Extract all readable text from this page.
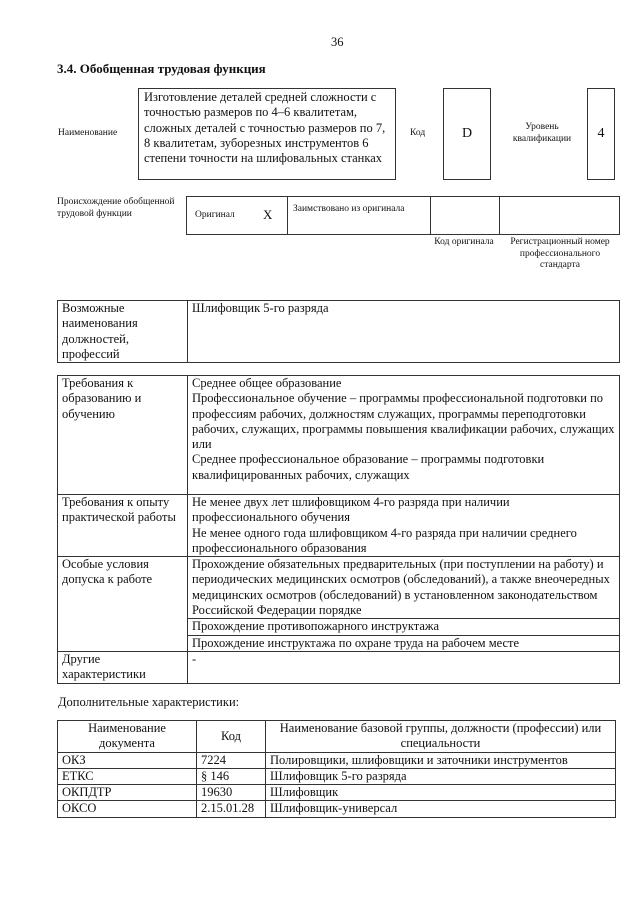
36
3.4. Обобщенная трудовая функция
Наименование
Изготовление деталей средней сложности с точностью размеров по 4–6 квалитетам, сложных деталей с точностью размеров по 7, 8 квалитетам, зуборезных инструментов 6 степени точности на шлифовальных станках
Код	D	Уровень квалификации	4
Происхождение обобщенной трудовой функции	Оригинал X Заимствовано из оригинала
Код оригинала	Регистрационный номер профессионального стандарта
Возможные наименования должностей, профессий	Шлифовщик 5-го разряда
Требования к образованию и обучению	Среднее общее образование
Профессиональное обучение – программы профессиональной подготовки по профессиям рабочих, должностям служащих, программы переподготовки рабочих, служащих, программы повышения квалификации рабочих, служащих
или
Среднее профессиональное образование – программы подготовки квалифицированных рабочих, служащих

Требования к опыту практической работы	Не менее двух лет шлифовщиком 4-го разряда при наличии профессионального обучения
Не менее одного года шлифовщиком 4-го разряда при наличии среднего профессионального образования

Особые условия допуска к работе	Прохождение обязательных предварительных (при поступлении на работу) и периодических медицинских осмотров (обследований), а также внеочередных медицинских осмотров (обследований) в установленном законодательством Российской Федерации порядке
	Прохождение противопожарного инструктажа
	Прохождение инструктажа по охране труда на рабочем месте
Другие характеристики	-
Дополнительные характеристики:
Наименование документа	Код	Наименование базовой группы, должности (профессии) или специальности
ОКЗ	7224	Полировщики, шлифовщики и заточники инструментов
ЕТКС	§ 146	Шлифовщик 5-го разряда
ОКПДТР	19630	Шлифовщик
ОКСО	2.15.01.28	Шлифовщик-универсал
